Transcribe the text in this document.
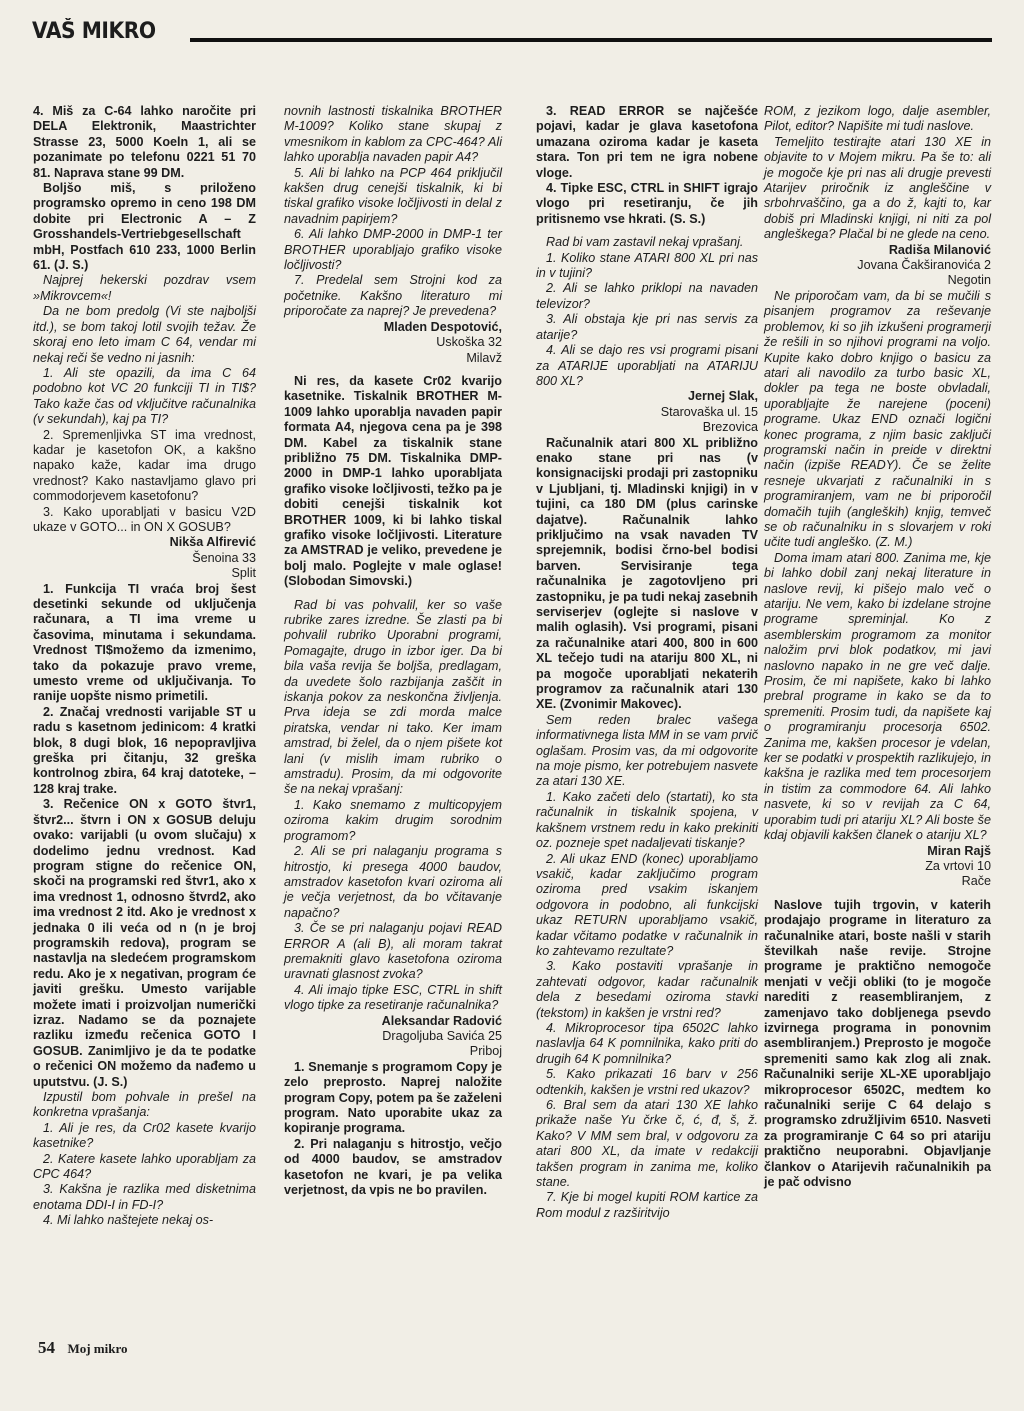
VAŠ MIKRO

4. Miš za C-64 lahko naročite pri DELA Elektronik, Maastrichter Strasse 23, 5000 Koeln 1, ali se pozanimate po telefonu 0221 51 70 81. Naprava stane 99 DM.

Boljšo miš, s priloženo programsko opremo in ceno 198 DM dobite pri Electronic A – Z Grosshandels-Vertriebgesellschaft mbH, Postfach 610 233, 1000 Berlin 61. (J. S.)

Najprej hekerski pozdrav vsem »Mikrovcem«!

Da ne bom predolg (Vi ste najboljši itd.), se bom takoj lotil svojih težav. Že skoraj eno leto imam C 64, vendar mi nekaj reči še vedno ni jasnih:

1. Ali ste opazili, da ima C 64 podobno kot VC 20 funkciji TI in TI$? Tako kaže čas od vključitve računalnika (v sekundah), kaj pa TI?

2. Spremenljivka ST ima vrednost, kadar je kasetofon OK, a kakšno napako kaže, kadar ima drugo vrednost? Kako nastavljamo glavo pri commodorjevem kasetofonu?

3. Kako uporabljati v basicu V2D ukaze v GOTO... in ON X GOSUB?

Nikša Alfirević

Šenoina 33

Split

1. Funkcija TI vraća broj šest desetinki sekunde od uključenja računara, a TI ima vreme u časovima, minutama i sekundama. Vrednost TI$možemo da izmenimo, tako da pokazuje pravo vreme, umesto vreme od uključivanja. To ranije uopšte nismo primetili.

2. Značaj vrednosti varijable ST u radu s kasetnom jedinicom: 4 kratki blok, 8 dugi blok, 16 nepopravljiva greška pri čitanju, 32 greška kontrolnog zbira, 64 kraj datoteke, – 128 kraj trake.

3. Rečenice ON x GOTO štvr1, štvr2... štvrn i ON x GOSUB deluju ovako: varijabli (u ovom slučaju) x dodelimo jednu vrednost. Kad program stigne do rečenice ON, skoči na programski red štvr1, ako x ima vrednost 1, odnosno štvrd2, ako ima vrednost 2 itd. Ako je vrednost x jednaka 0 ili veća od n (n je broj programskih redova), program se nastavlja na sledećem programskom redu. Ako je x negativan, program će javiti grešku. Umesto varijable možete imati i proizvoljan numerički izraz. Nadamo se da poznajete razliku između rečenica GOTO I GOSUB. Zanimljivo je da te podatke o rečenici ON možemo da nađemo u uputstvu. (J. S.)

Izpustil bom pohvale in prešel na konkretna vprašanja:

1. Ali je res, da Cr02 kasete kvarijo kasetnike?

2. Katere kasete lahko uporabljam za CPC 464?

3. Kakšna je razlika med disketnima enotama DDI-I in FD-I?

4. Mi lahko naštejete nekaj os-

novnih lastnosti tiskalnika BROTHER M-1009? Koliko stane skupaj z vmesnikom in kablom za CPC-464? Ali lahko uporablja navaden papir A4?

5. Ali bi lahko na PCP 464 priključil kakšen drug cenejši tiskalnik, ki bi tiskal grafiko visoke ločljivosti in delal z navadnim papirjem?

6. Ali lahko DMP-2000 in DMP-1 ter BROTHER uporabljajo grafiko visoke ločljivosti?

7. Predelal sem Strojni kod za početnike. Kakšno literaturo mi priporočate za naprej? Je prevedena?

Mladen Despotović,

Uskoška 32

Milavž

Ni res, da kasete Cr02 kvarijo kasetnike. Tiskalnik BROTHER M-1009 lahko uporablja navaden papir formata A4, njegova cena pa je 398 DM. Kabel za tiskalnik stane približno 75 DM. Tiskalnika DMP-2000 in DMP-1 lahko uporabljata grafiko visoke ločljivosti, težko pa je dobiti cenejši tiskalnik kot BROTHER 1009, ki bi lahko tiskal grafiko visoke ločljivosti. Literature za AMSTRAD je veliko, prevedene je bolj malo. Poglejte v male oglase! (Slobodan Simovski.)

Rad bi vas pohvalil, ker so vaše rubrike zares izredne. Še zlasti pa bi pohvalil rubriko Uporabni programi, Pomagajte, drugo in izbor iger. Da bi bila vaša revija še boljša, predlagam, da uvedete šolo razbijanja zaščit in iskanja pokov za neskončna življenja. Prva ideja se zdi morda malce piratska, vendar ni tako. Ker imam amstrad, bi želel, da o njem pišete kot lani (v mislih imam rubriko o amstradu). Prosim, da mi odgovorite še na nekaj vprašanj:

1. Kako snemamo z multicopyjem oziroma kakim drugim sorodnim programom?

2. Ali se pri nalaganju programa s hitrostjo, ki presega 4000 baudov, amstradov kasetofon kvari oziroma ali je večja verjetnost, da bo včitavanje napačno?

3. Če se pri nalaganju pojavi READ ERROR A (ali B), ali moram takrat premakniti glavo kasetofona oziroma uravnati glasnost zvoka?

4. Ali imajo tipke ESC, CTRL in shift vlogo tipke za resetiranje računalnika?

Aleksandar Radović

Dragoljuba Savića 25

Priboj

1. Snemanje s programom Copy je zelo preprosto. Naprej naložite program Copy, potem pa še zaželeni program. Nato uporabite ukaz za kopiranje programa.

2. Pri nalaganju s hitrostjo, večjo od 4000 baudov, se amstradov kasetofon ne kvari, je pa velika verjetnost, da vpis ne bo pravilen.

3. READ ERROR se najčešće pojavi, kadar je glava kasetofona umazana oziroma kadar je kaseta stara. Ton pri tem ne igra nobene vloge.

4. Tipke ESC, CTRL in SHIFT igrajo vlogo pri resetiranju, če jih pritisnemo vse hkrati. (S. S.)

Rad bi vam zastavil nekaj vprašanj.

1. Koliko stane ATARI 800 XL pri nas in v tujini?

2. Ali se lahko priklopi na navaden televizor?

3. Ali obstaja kje pri nas servis za atarije?

4. Ali se dajo res vsi programi pisani za ATARIJE uporabljati na ATARIJU 800 XL?

Jernej Slak,

Starovaška ul. 15

Brezovica

Računalnik atari 800 XL približno enako stane pri nas (v konsignacijski prodaji pri zastopniku v Ljubljani, tj. Mladinski knjigi) in v tujini, ca 180 DM (plus carinske dajatve). Računalnik lahko priključimo na vsak navaden TV sprejemnik, bodisi črno-bel bodisi barven. Servisiranje tega računalnika je zagotovljeno pri zastopniku, je pa tudi nekaj zasebnih serviserjev (oglejte si naslove v malih oglasih). Vsi programi, pisani za računalnike atari 400, 800 in 600 XL tečejo tudi na atariju 800 XL, ni pa mogoče uporabljati nekaterih programov za računalnik atari 130 XE. (Zvonimir Makovec).

Sem reden bralec vašega informativnega lista MM in se vam prvič oglašam. Prosim vas, da mi odgovorite na moje pismo, ker potrebujem nasvete za atari 130 XE.

1. Kako začeti delo (startati), ko sta računalnik in tiskalnik spojena, v kakšnem vrstnem redu in kako prekiniti oz. pozneje spet nadaljevati tiskanje?

2. Ali ukaz END (konec) uporabljamo vsakič, kadar zaključimo program oziroma pred vsakim iskanjem odgovora in podobno, ali funkcijski ukaz RETURN uporabljamo vsakič, kadar včitamo podatke v računalnik in ko zahtevamo rezultate?

3. Kako postaviti vprašanje in zahtevati odgovor, kadar računalnik dela z besedami oziroma stavki (tekstom) in kakšen je vrstni red?

4. Mikroprocesor tipa 6502C lahko naslavlja 64 K pomnilnika, kako priti do drugih 64 K pomnilnika?

5. Kako prikazati 16 barv v 256 odtenkih, kakšen je vrstni red ukazov?

6. Bral sem da atari 130 XE lahko prikaže naše Yu črke č, ć, đ, š, ž. Kako? V MM sem bral, v odgovoru za atari 800 XL, da imate v redakciji takšen program in zanima me, koliko stane.

7. Kje bi mogel kupiti ROM kartice za Rom modul z razširitvijo

ROM, z jezikom logo, dalje asembler, Pilot, editor? Napišite mi tudi naslove.

Temeljito testirajte atari 130 XE in objavite to v Mojem mikru. Pa še to: ali je mogoče kje pri nas ali drugje prevesti Atarijev priročnik iz angleščine v srbohrvaščino, ga a do ž, kajti to, kar dobiš pri Mladinski knjigi, ni niti za pol angleškega? Plačal bi ne glede na ceno.

Radiša Milanović

Jovana Čakširanovića 2

Negotin

Ne priporočam vam, da bi se mučili s pisanjem programov za reševanje problemov, ki so jih izkušeni programerji že rešili in so njihovi programi na voljo. Kupite kako dobro knjigo o basicu za atari ali navodilo za turbo basic XL, dokler pa tega ne boste obvladali, uporabljajte že narejene (poceni) programe. Ukaz END označi logični konec programa, z njim basic zaključi programski način in preide v direktni način (izpiše READY). Če se želite resneje ukvarjati z računalniki in s programiranjem, vam ne bi priporočil domačih tujih (angleških) knjig, temveč se ob računalniku in s slovarjem v roki učite tudi angleško. (Z. M.)

Doma imam atari 800. Zanima me, kje bi lahko dobil zanj nekaj literature in naslove revij, ki pišejo malo več o atariju. Ne vem, kako bi izdelane strojne programe spreminjal. Ko z asemblerskim programom za monitor naložim prvi blok podatkov, mi javi naslovno napako in ne gre več dalje. Prosim, če mi napišete, kako bi lahko prebral programe in kako se da to spremeniti. Prosim tudi, da napišete kaj o programiranju procesorja 6502. Zanima me, kakšen procesor je vdelan, ker se podatki v prospektih razlikujejo, in kakšna je razlika med tem procesorjem in tistim za commodore 64. Ali lahko nasvete, ki so v revijah za C 64, uporabim tudi pri atariju XL? Ali boste še kdaj objavili kakšen članek o atariju XL?

Miran Rajš

Za vrtovi 10

Rače

Naslove tujih trgovin, v katerih prodajajo programe in literaturo za računalnike atari, boste našli v starih številkah naše revije. Strojne programe je praktično nemogoče menjati v večji obliki (to je mogoče narediti z reasembliranjem, z zamenjavo tako dobljenega psevdo izvirnega programa in ponovnim asembliranjem.) Preprosto je mogoče spremeniti samo kak zlog ali znak. Računalniki serije XL-XE uporabljajo mikroprocesor 6502C, medtem ko računalniki serije C 64 delajo s programsko združljivim 6510. Nasveti za programiranje C 64 so pri atariju praktično neuporabni. Objavljanje člankov o Atarijevih računalnikih pa je pač odvisno

54 Moj mikro
